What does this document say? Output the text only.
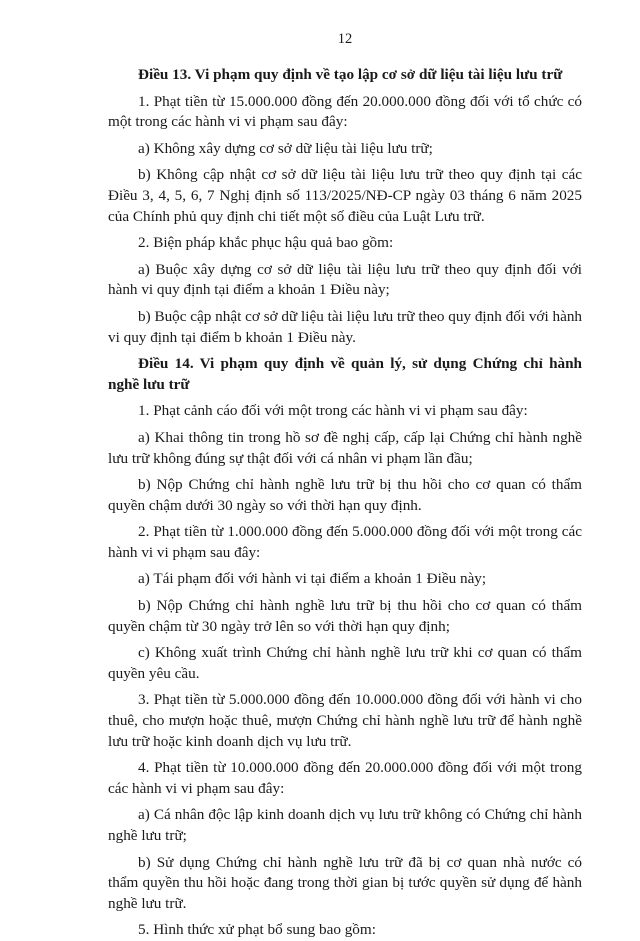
12

Điều 13. Vi phạm quy định về tạo lập cơ sở dữ liệu tài liệu lưu trữ

1. Phạt tiền từ 15.000.000 đồng đến 20.000.000 đồng đối với tổ chức có một trong các hành vi vi phạm sau đây:

a) Không xây dựng cơ sở dữ liệu tài liệu lưu trữ;

b) Không cập nhật cơ sở dữ liệu tài liệu lưu trữ theo quy định tại các Điều 3, 4, 5, 6, 7 Nghị định số 113/2025/NĐ-CP ngày 03 tháng 6 năm 2025 của Chính phủ quy định chi tiết một số điều của Luật Lưu trữ.

2. Biện pháp khắc phục hậu quả bao gồm:

a) Buộc xây dựng cơ sở dữ liệu tài liệu lưu trữ theo quy định đối với hành vi quy định tại điểm a khoản 1 Điều này;

b) Buộc cập nhật cơ sở dữ liệu tài liệu lưu trữ theo quy định đối với hành vi quy định tại điểm b khoản 1 Điều này.

Điều 14. Vi phạm quy định về quản lý, sử dụng Chứng chỉ hành nghề lưu trữ

1. Phạt cảnh cáo đối với một trong các hành vi vi phạm sau đây:

a) Khai thông tin trong hồ sơ đề nghị cấp, cấp lại Chứng chỉ hành nghề lưu trữ không đúng sự thật đối với cá nhân vi phạm lần đầu;

b) Nộp Chứng chỉ hành nghề lưu trữ bị thu hồi cho cơ quan có thẩm quyền chậm dưới 30 ngày so với thời hạn quy định.

2. Phạt tiền từ 1.000.000 đồng đến 5.000.000 đồng đối với một trong các hành vi vi phạm sau đây:

a) Tái phạm đối với hành vi tại điểm a khoản 1 Điều này;

b) Nộp Chứng chỉ hành nghề lưu trữ bị thu hồi cho cơ quan có thẩm quyền chậm từ 30 ngày trở lên so với thời hạn quy định;

c) Không xuất trình Chứng chỉ hành nghề lưu trữ khi cơ quan có thẩm quyền yêu cầu.

3. Phạt tiền từ 5.000.000 đồng đến 10.000.000 đồng đối với hành vi cho thuê, cho mượn hoặc thuê, mượn Chứng chỉ hành nghề lưu trữ để hành nghề lưu trữ hoặc kinh doanh dịch vụ lưu trữ.

4. Phạt tiền từ 10.000.000 đồng đến 20.000.000 đồng đối với một trong các hành vi vi phạm sau đây:

a) Cá nhân độc lập kinh doanh dịch vụ lưu trữ không có Chứng chỉ hành nghề lưu trữ;

b) Sử dụng Chứng chỉ hành nghề lưu trữ đã bị cơ quan nhà nước có thẩm quyền thu hồi hoặc đang trong thời gian bị tước quyền sử dụng để hành nghề lưu trữ.

5. Hình thức xử phạt bổ sung bao gồm:
